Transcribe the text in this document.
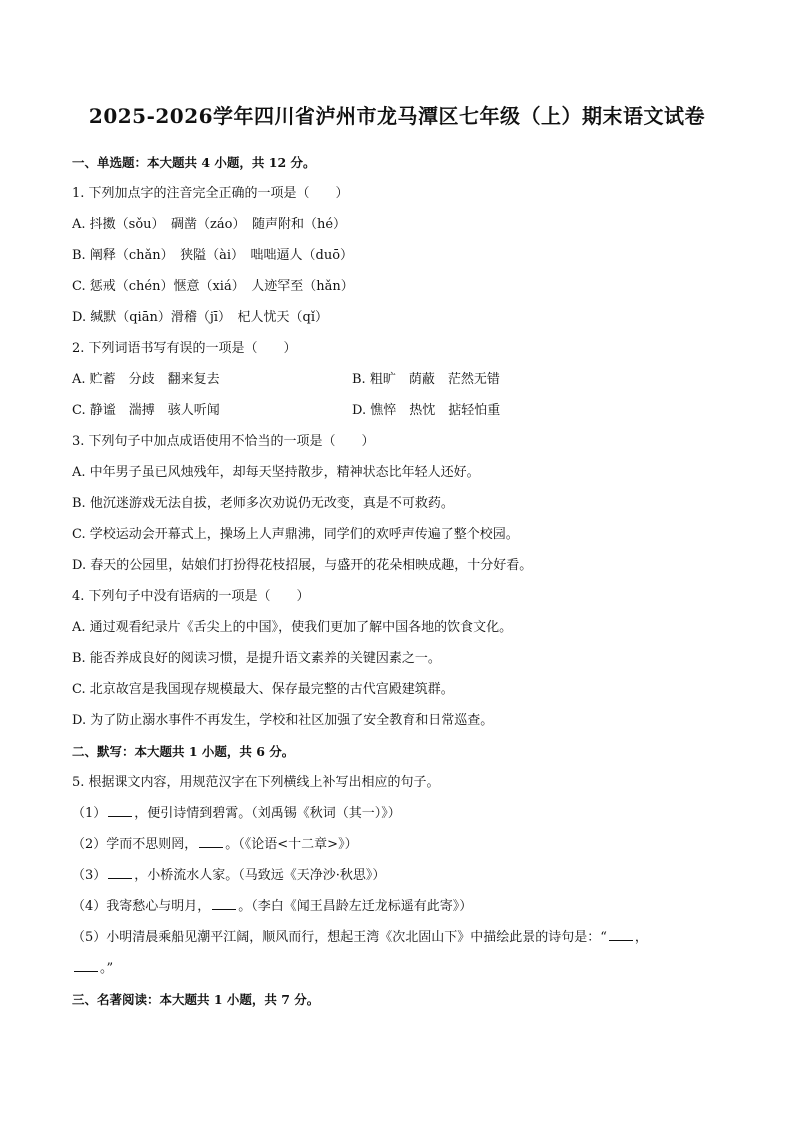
2025-2026学年四川省泸州市龙马潭区七年级（上）期末语文试卷
一、单选题：本大题共 4 小题，共 12 分。
1. 下列加点字的注音完全正确的一项是（　　）
A. 抖擞（sǒu）　碉凿（záo）　随声附和（hé）
B. 阐释（chǎn）　狭隘（ài）　咄咄逼人（duō）
C. 惩戒（chén）惬意（xiá）　人迹罕至（hǎn）
D. 缄默（qiān）滑稽（jī）　杞人忧天（qǐ）
2. 下列词语书写有误的一项是（　　）
A. 贮蓄　分歧　翻来复去	B. 粗旷　荫蔽　茫然无错
C. 静谧　湍搏　骇人听闻	D. 憔悴　热忱　掂轻怕重
3. 下列句子中加点成语使用不恰当的一项是（　　）
A. 中年男子虽已风烛残年，却每天坚持散步，精神状态比年轻人还好。
B. 他沉迷游戏无法自拔，老师多次劝说仍无改变，真是不可救药。
C. 学校运动会开幕式上，操场上人声鼎沸，同学们的欢呼声传遍了整个校园。
D. 春天的公园里，姑娘们打扮得花枝招展，与盛开的花朵相映成趣，十分好看。
4. 下列句子中没有语病的一项是（　　）
A. 通过观看纪录片《舌尖上的中国》，使我们更加了解中国各地的饮食文化。
B. 能否养成良好的阅读习惯，是提升语文素养的关键因素之一。
C. 北京故宫是我国现存规模最大、保存最完整的古代宫殿建筑群。
D. 为了防止溺水事件不再发生，学校和社区加强了安全教育和日常巡查。
二、默写：本大题共 1 小题，共 6 分。
5. 根据课文内容，用规范汉字在下列横线上补写出相应的句子。
（1） ，便引诗情到碧霄。（刘禹锡《秋词（其一）》）
（2）学而不思则罔， 。（《论语<十二章>》）
（3） ，小桥流水人家。（马致远《天净沙·秋思》）
（4）我寄愁心与明月， 。（李白《闻王昌龄左迁龙标遥有此寄》）
（5）小明清晨乘船见潮平江阔，顺风而行，想起王湾《次北固山下》中描绘此景的诗句是：“ ，
。”
三、名著阅读：本大题共 1 小题，共 7 分。
